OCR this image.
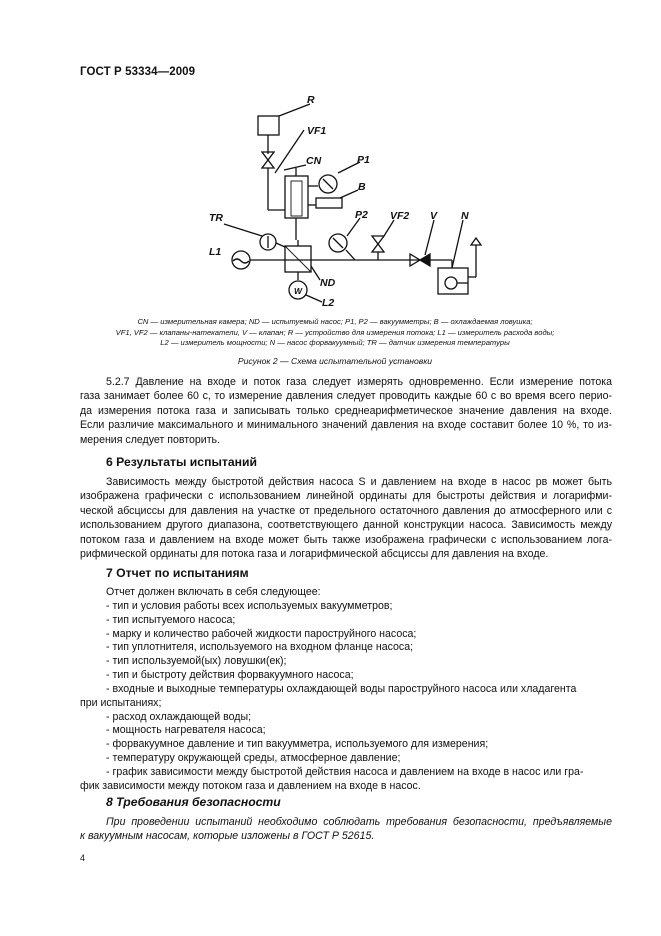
ГОСТ Р 53334—2009
R
VF1
CN	P1
B
TR	P2 VF2 V N
L1
ND
L2
W
CN — измерительная камера; ND — испытуемый насос; P1, P2 — вакуумметры; B — охлаждаемая ловушка;
VF1, VF2 — клапаны-натекатели, V — клапан; R — устройство для измерения потока; L1 — измеритель расхода воды;
L2 — измеритель мощности; N — насос форвакуумный; TR — датчик измерения температуры
Рисунок 2 — Схема испытательной установки
5.2.7 Давление на входе и поток газа следует измерять одновременно. Если измерение потока
газа занимает более 60 с, то измерение давления следует проводить каждые 60 с во время всего перио-
да измерения потока газа и записывать только среднеарифметическое значение давления на входе.
Если различие максимального и минимального значений давления на входе составит более 10 %, то из-
мерения следует повторить.
6 Результаты испытаний
Зависимость между быстротой действия насоса S и давлением на входе в насос pв может быть
изображена графически с использованием линейной ординаты для быстроты действия и логарифми-
ческой абсциссы для давления на участке от предельного остаточного давления до атмосферного или с
использованием другого диапазона, соответствующего данной конструкции насоса. Зависимость между
потоком газа и давлением на входе может быть также изображена графически с использованием лога-
рифмической ординаты для потока газа и логарифмической абсциссы для давления на входе.
7 Отчет по испытаниям
Отчет должен включать в себя следующее:
- тип и условия работы всех используемых вакуумметров;
- тип испытуемого насоса;
- марку и количество рабочей жидкости пароструйного насоса;
- тип уплотнителя, используемого на входном фланце насоса;
- тип используемой(ых) ловушки(ек);
- тип и быстроту действия форвакуумного насоса;
- входные и выходные температуры охлаждающей воды пароструйного насоса или хладагента
при испытаниях;
- расход охлаждающей воды;
- мощность нагревателя насоса;
- форвакуумное давление и тип вакуумметра, используемого для измерения;
- температуру окружающей среды, атмосферное давление;
- график зависимости между быстротой действия насоса и давлением на входе в насос или гра-
фик зависимости между потоком газа и давлением на входе в насос.
8 Требования безопасности
При проведении испытаний необходимо соблюдать требования безопасности, предъявляемые
к вакуумным насосам, которые изложены в ГОСТ Р 52615.
4
